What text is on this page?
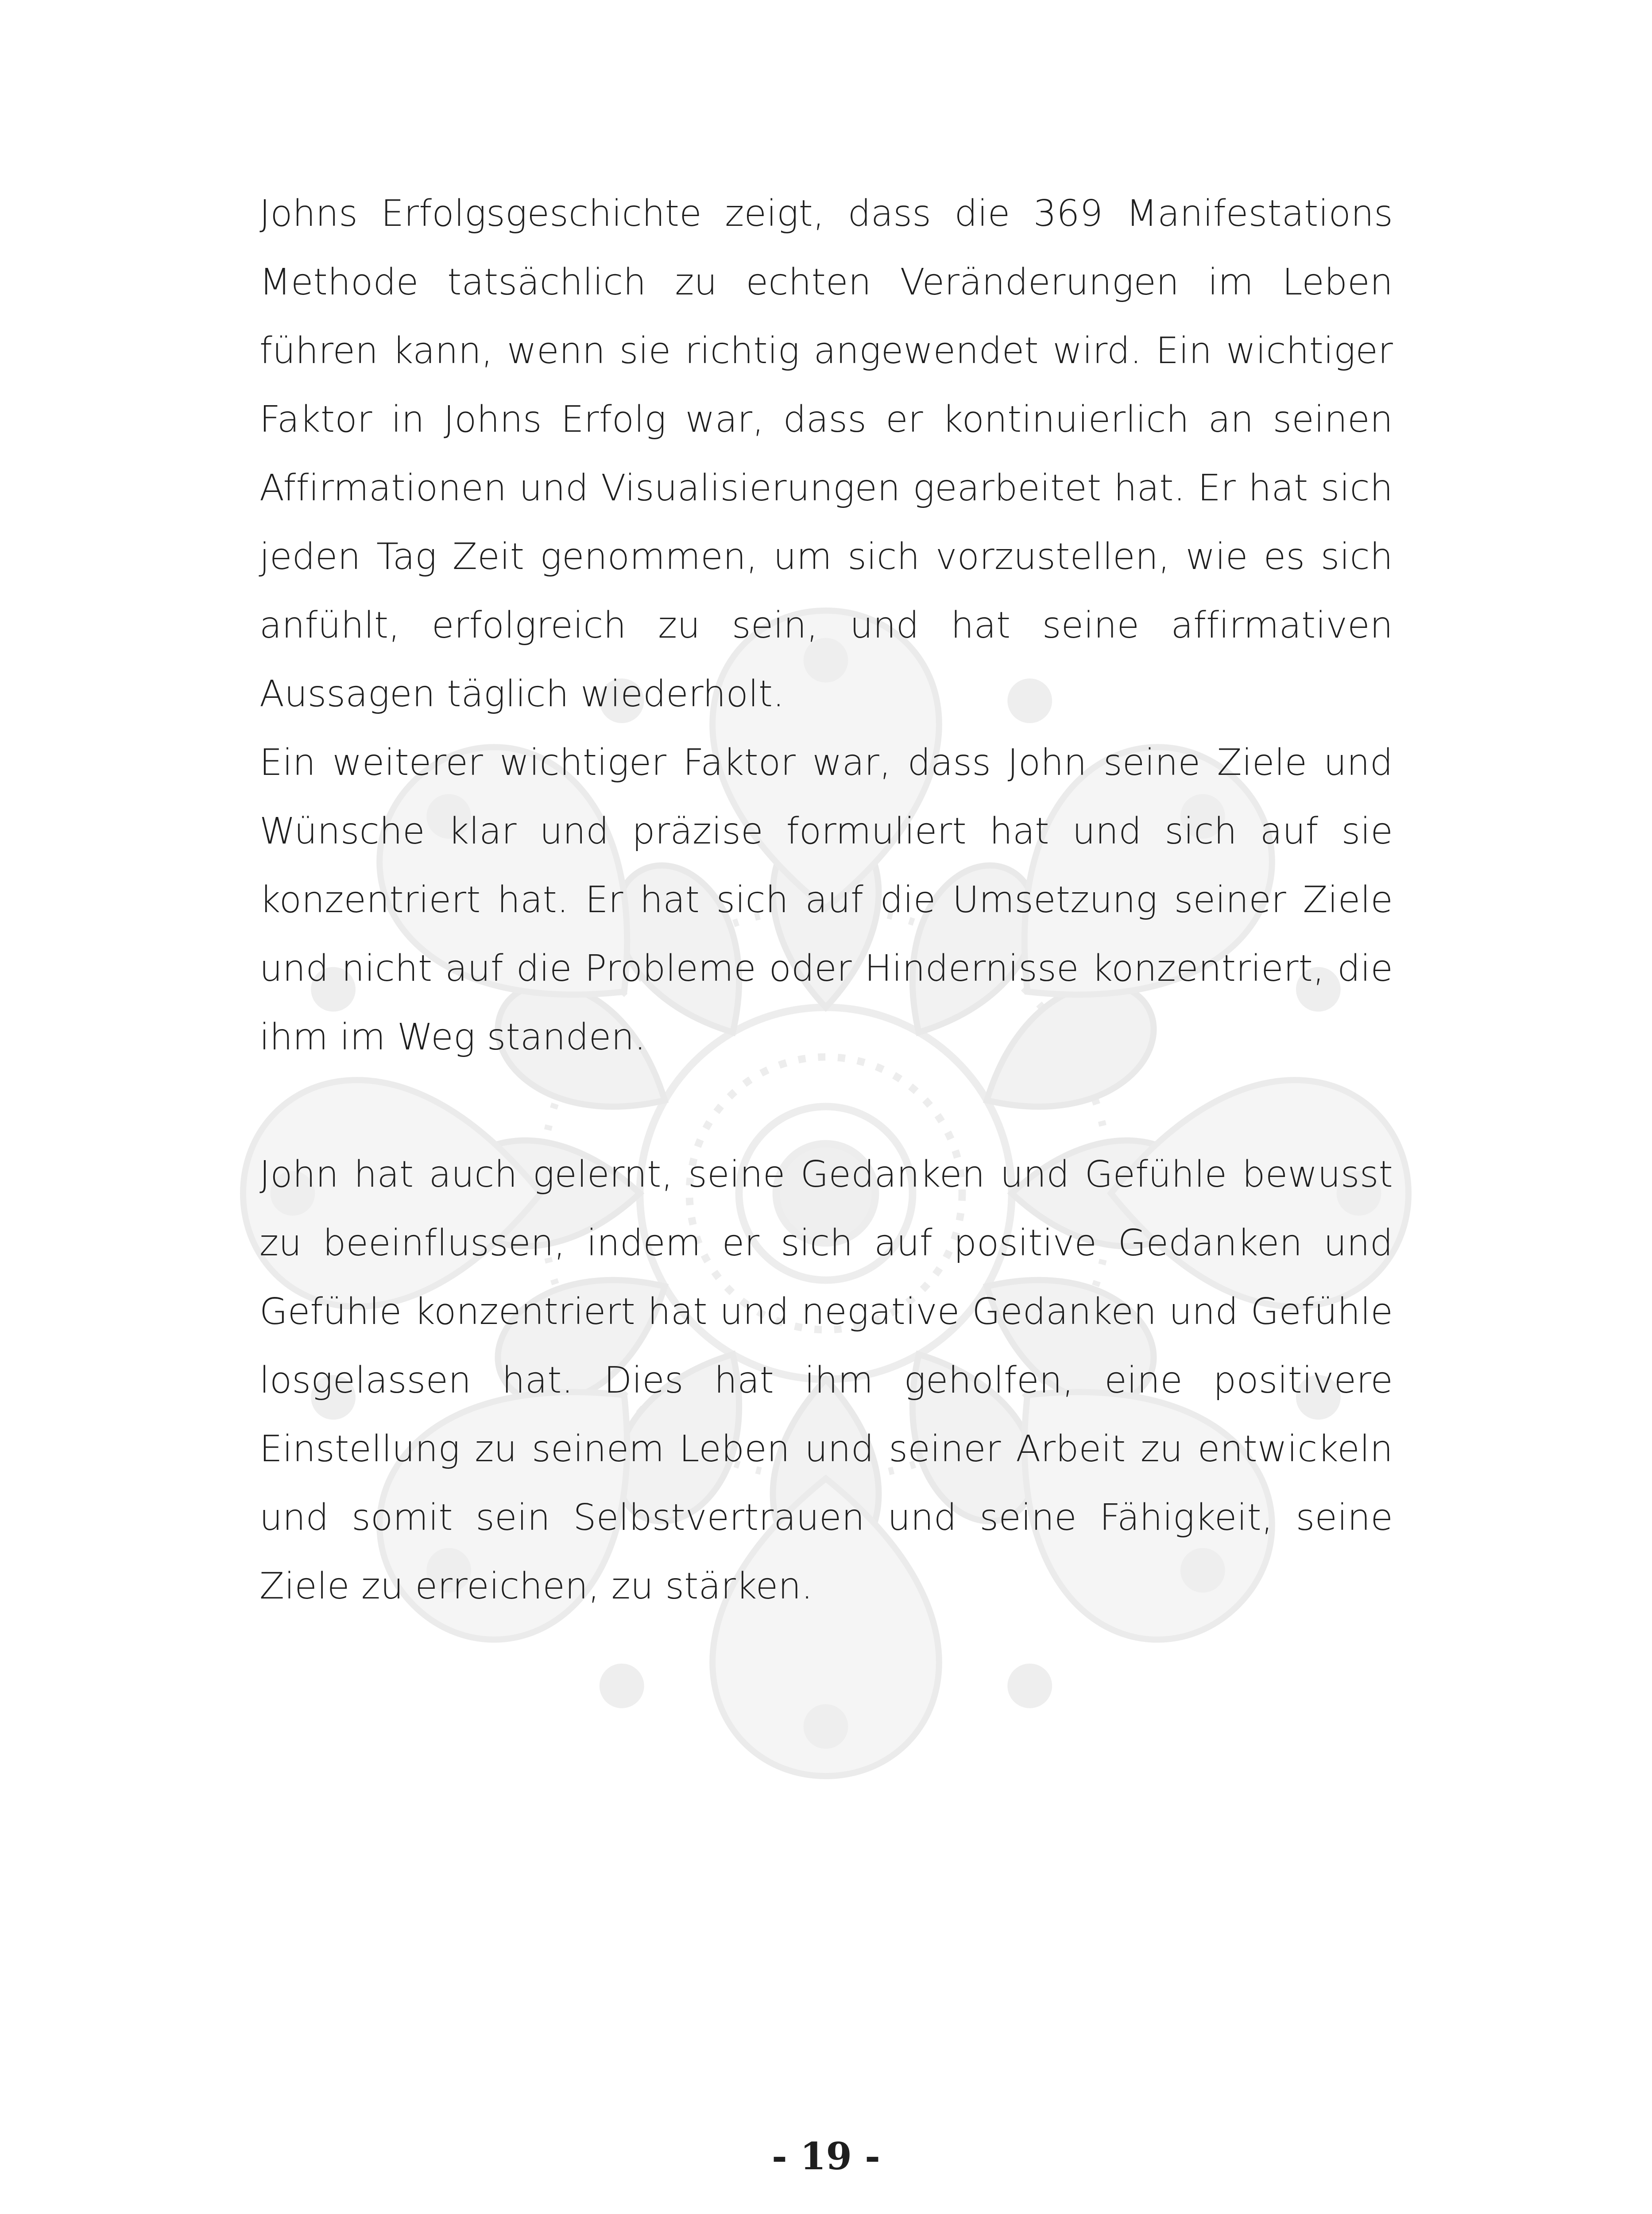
Johns Erfolgsgeschichte zeigt, dass die 369 Manifestations Methode tatsächlich zu echten Veränderungen im Leben führen kann, wenn sie richtig angewendet wird. Ein wichtiger Faktor in Johns Erfolg war, dass er kontinuierlich an seinen Affirmationen und Visualisierungen gearbeitet hat. Er hat sich jeden Tag Zeit genommen, um sich vorzustellen, wie es sich anfühlt, erfolgreich zu sein, und hat seine affirmativen Aussagen täglich wiederholt.

Ein weiterer wichtiger Faktor war, dass John seine Ziele und Wünsche klar und präzise formuliert hat und sich auf sie konzentriert hat. Er hat sich auf die Umsetzung seiner Ziele und nicht auf die Probleme oder Hindernisse konzentriert, die ihm im Weg standen.

John hat auch gelernt, seine Gedanken und Gefühle bewusst zu beeinflussen, indem er sich auf positive Gedanken und Gefühle konzentriert hat und negative Gedanken und Gefühle losgelassen hat. Dies hat ihm geholfen, eine positivere Einstellung zu seinem Leben und seiner Arbeit zu entwickeln und somit sein Selbstvertrauen und seine Fähigkeit, seine Ziele zu erreichen, zu stärken.

- 19 -
